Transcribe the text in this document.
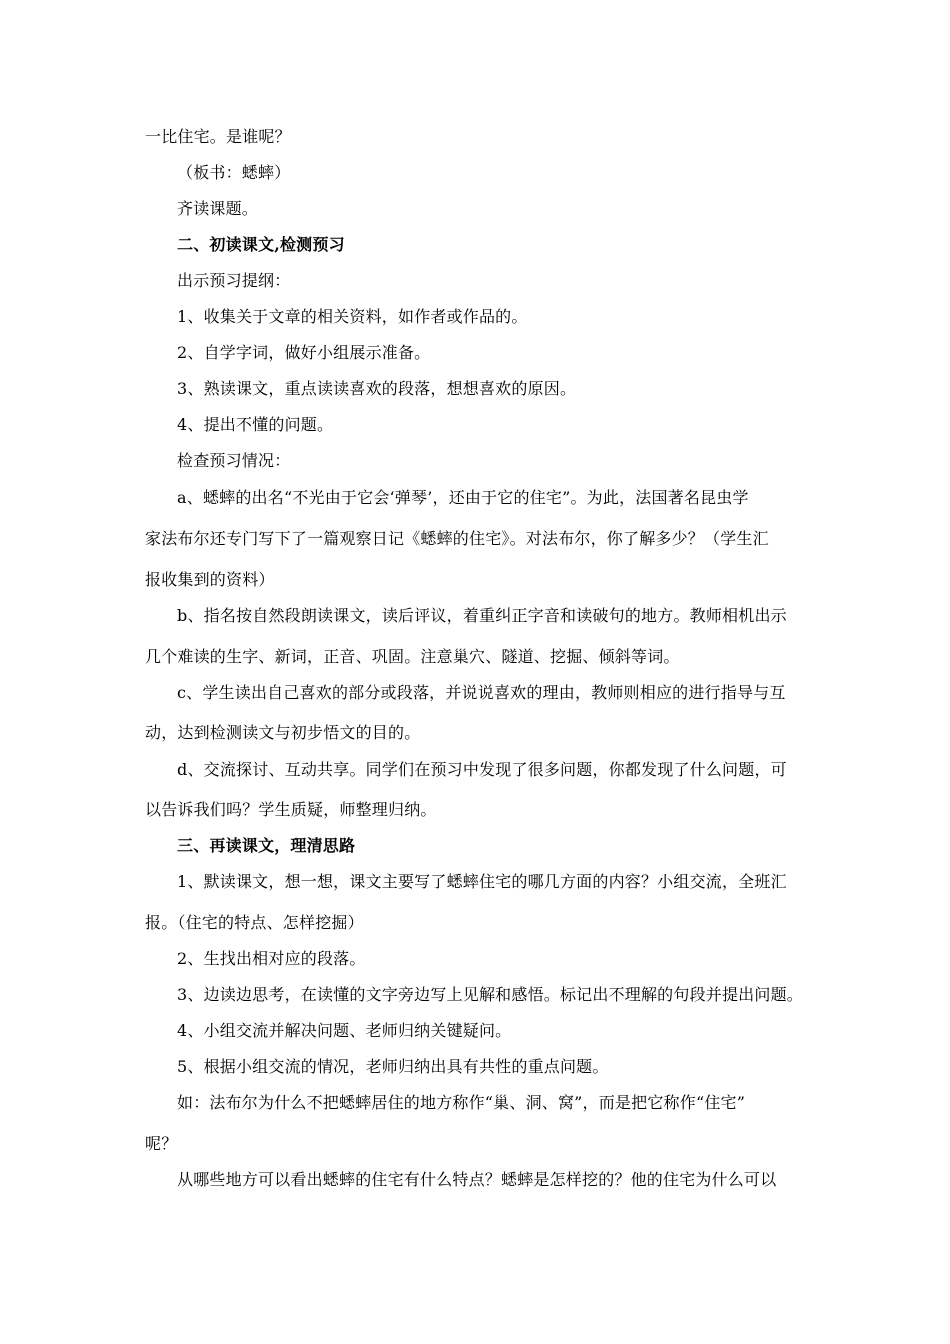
一比住宅。是谁呢？
（板书：蟋蟀）
齐读课题。
二、初读课文,检测预习
出示预习提纲：
1、收集关于文章的相关资料，如作者或作品的。
2、自学字词，做好小组展示准备。
3、熟读课文，重点读读喜欢的段落，想想喜欢的原因。
4、提出不懂的问题。
检查预习情况：
a、蟋蟀的出名“不光由于它会‘弹琴’，还由于它的住宅”。为此，法国著名昆虫学
家法布尔还专门写下了一篇观察日记《蟋蟀的住宅》。对法布尔，你了解多少？（学生汇
报收集到的资料）
b、指名按自然段朗读课文，读后评议，着重纠正字音和读破句的地方。教师相机出示
几个难读的生字、新词，正音、巩固。注意巢穴、隧道、挖掘、倾斜等词。
c、学生读出自己喜欢的部分或段落，并说说喜欢的理由，教师则相应的进行指导与互
动，达到检测读文与初步悟文的目的。
d、交流探讨、互动共享。同学们在预习中发现了很多问题，你都发现了什么问题，可
以告诉我们吗？学生质疑，师整理归纳。
三、再读课文，理清思路
1、默读课文，想一想，课文主要写了蟋蟀住宅的哪几方面的内容？小组交流，全班汇
报。（住宅的特点、怎样挖掘）
2、生找出相对应的段落。
3、边读边思考，在读懂的文字旁边写上见解和感悟。标记出不理解的句段并提出问题。
4、小组交流并解决问题、老师归纳关键疑问。
5、根据小组交流的情况，老师归纳出具有共性的重点问题。
如：法布尔为什么不把蟋蟀居住的地方称作“巢、洞、窝”，而是把它称作“住宅”
呢？
从哪些地方可以看出蟋蟀的住宅有什么特点？蟋蟀是怎样挖的？他的住宅为什么可以
